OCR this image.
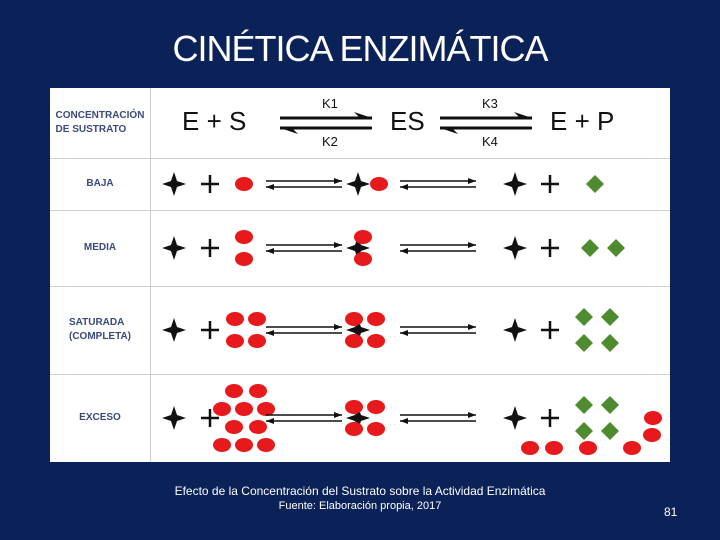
CINÉTICA ENZIMÁTICA
CONCENTRACIÓN
DE SUSTRATO	E + S	ES	E + P
K1
K2
K3
K4
BAJA
MEDIA
SATURADA
(COMPLETA)
EXCESO
Efecto de la Concentración del Sustrato sobre la Actividad Enzimática
Fuente: Elaboración propia, 2017	81
